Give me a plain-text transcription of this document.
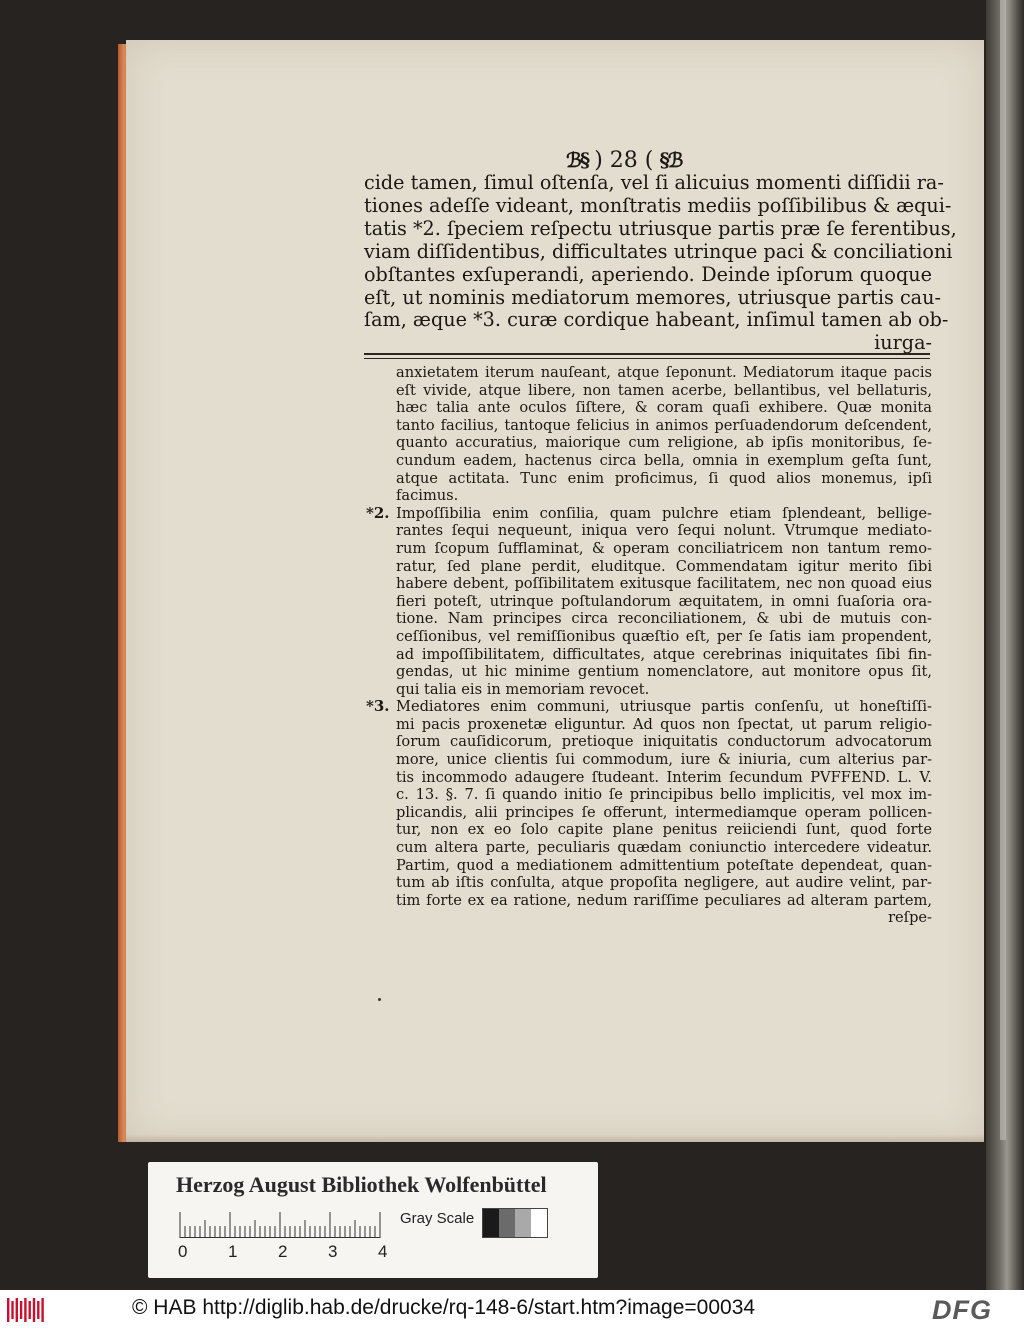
ℬ§ ) 28 ( §ℬ
cide tamen, ſimul oſtenſa, vel ſi alicuius momenti diſſidii ra-
tiones adeſſe videant, monſtratis mediis poſſibilibus & æqui-
tatis *2. ſpeciem reſpectu utriusque partis præ ſe ferentibus,
viam diſſidentibus, difficultates utrinque paci & conciliationi
obſtantes exſuperandi, aperiendo. Deinde ipſorum quoque
eſt, ut nominis mediatorum memores, utriusque partis cau-
ſam, æque *3. curæ cordique habeant, inſimul tamen ab ob-
iurga-
anxietatem iterum nauſeant, atque ſeponunt. Mediatorum itaque pacis
eſt vivide, atque libere, non tamen acerbe, bellantibus, vel bellaturis,
hæc talia ante oculos ſiſtere, & coram quaſi exhibere. Quæ monita
tanto facilius, tantoque felicius in animos perſuadendorum deſcendent,
quanto accuratius, maiorique cum religione, ab ipſis monitoribus, ſe-
cundum eadem, hactenus circa bella, omnia in exemplum geſta ſunt,
atque actitata. Tunc enim proficimus, ſi quod alios monemus, ipſi
facimus.
*2. Impoſſibilia enim conſilia, quam pulchre etiam ſplendeant, bellige-
rantes ſequi nequeunt, iniqua vero ſequi nolunt. Vtrumque mediato-
rum ſcopum ſufflaminat, & operam conciliatricem non tantum remo-
ratur, ſed plane perdit, eluditque. Commendatam igitur merito ſibi
habere debent, poſſibilitatem exitusque facilitatem, nec non quoad eius
fieri poteſt, utrinque poſtulandorum æquitatem, in omni ſuaſoria ora-
tione. Nam principes circa reconciliationem, & ubi de mutuis con-
ceſſionibus, vel remiſſionibus quæſtio eſt, per ſe ſatis iam propendent,
ad impoſſibilitatem, difficultates, atque cerebrinas iniquitates ſibi fin-
gendas, ut hic minime gentium nomenclatore, aut monitore opus ſit,
qui talia eis in memoriam revocet.
*3. Mediatores enim communi, utriusque partis conſenſu, ut honeſtiſſi-
mi pacis proxenetæ eliguntur. Ad quos non ſpectat, ut parum religio-
ſorum cauſidicorum, pretioque iniquitatis conductorum advocatorum
more, unice clientis ſui commodum, iure & iniuria, cum alterius par-
tis incommodo adaugere ſtudeant. Interim ſecundum PVFFEND. L. V.
c. 13. §. 7. ſi quando initio ſe principibus bello implicitis, vel mox im-
plicandis, alii principes ſe offerunt, intermediamque operam pollicen-
tur, non ex eo ſolo capite plane penitus reiiciendi ſunt, quod forte
cum altera parte, peculiaris quædam coniunctio intercedere videatur.
Partim, quod a mediationem admittentium poteſtate dependeat, quan-
tum ab iſtis conſulta, atque propoſita negligere, aut audire velint, par-
tim forte ex ea ratione, nedum rariſſime peculiares ad alteram partem,
reſpe-
Herzog August Bibliothek Wolfenbüttel
0 1 2 3 4
Gray Scale
© HAB http://diglib.hab.de/drucke/rq-148-6/start.htm?image=00034	DFG
